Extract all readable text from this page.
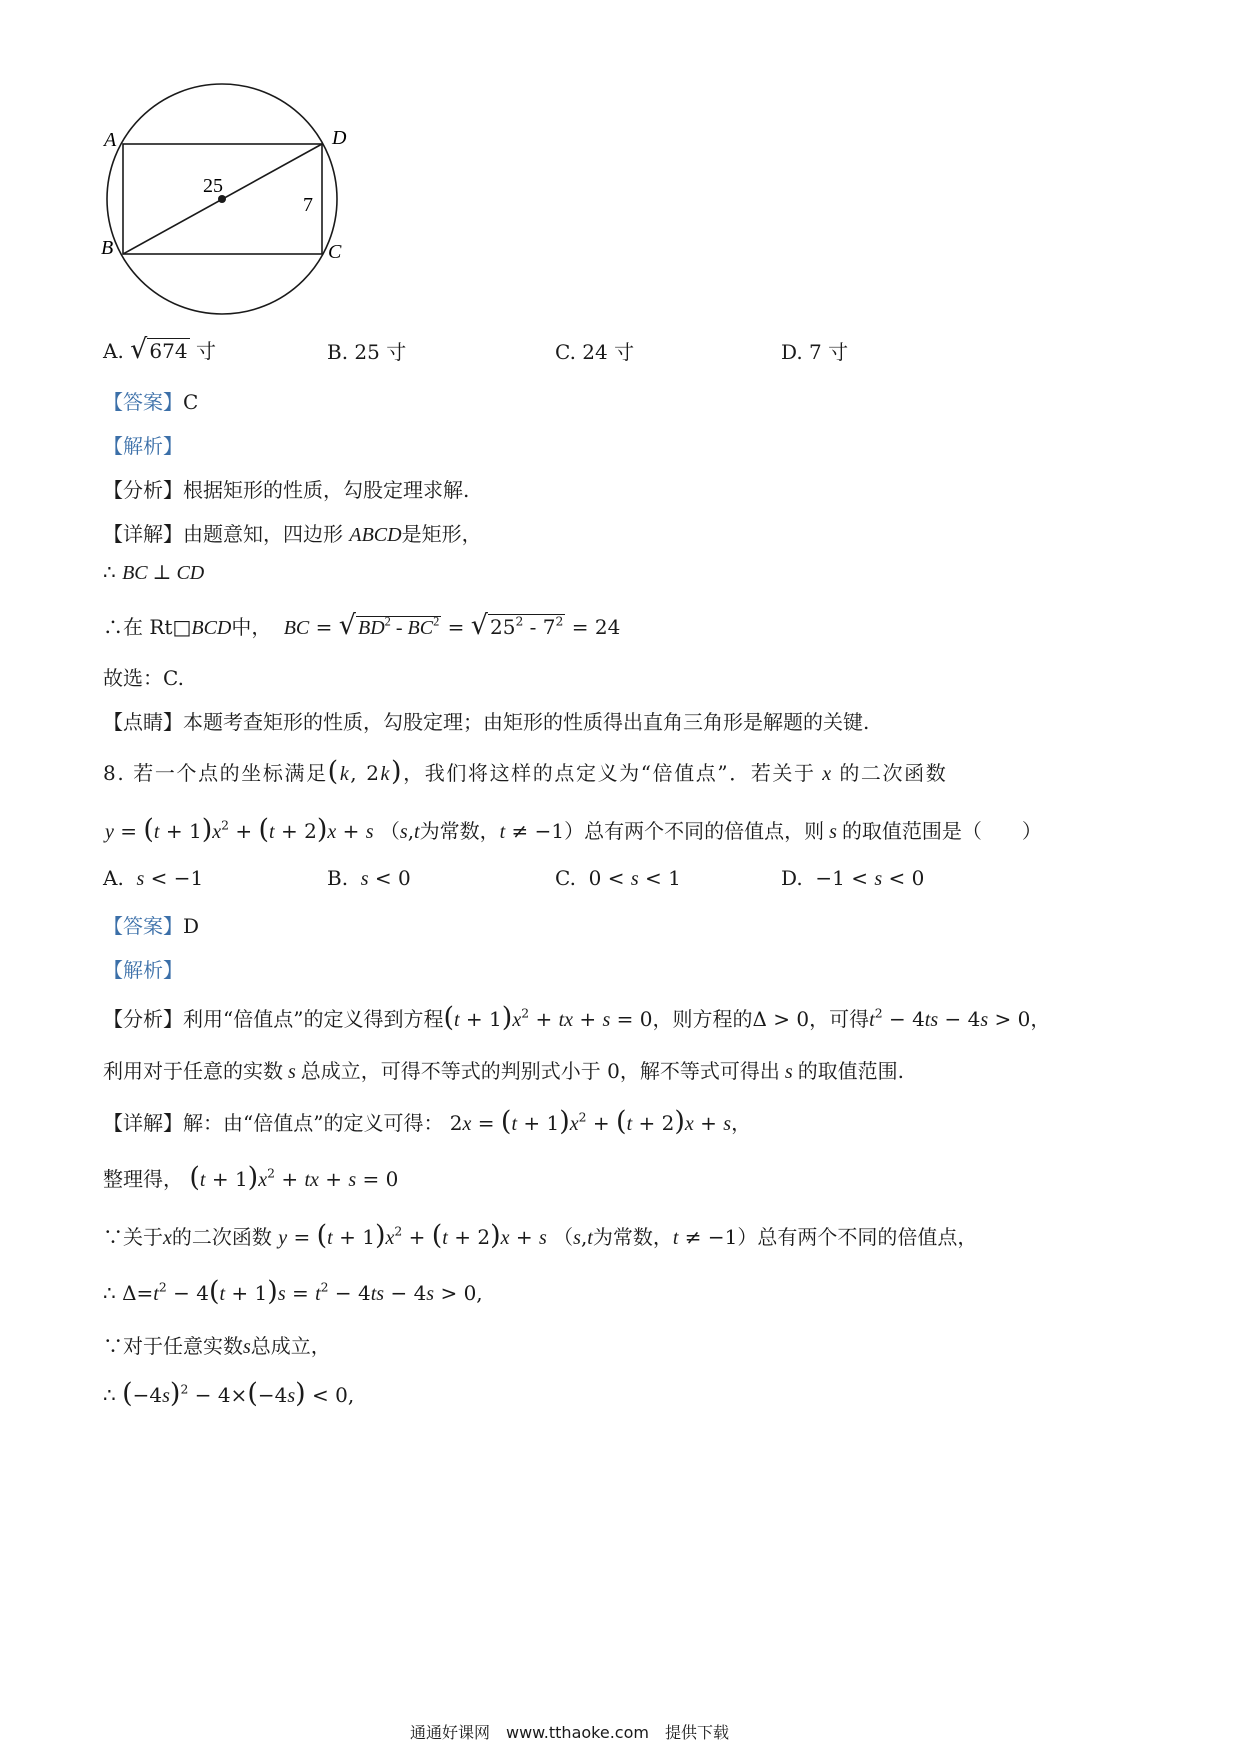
A
B	C
D
25
7
A. √ 674 寸	B. 25 寸	C. 24 寸	D. 7 寸
【答案】C
【解析】
【分析】根据矩形的性质，勾股定理求解.
【详解】由题意知，四边形 ABCD是矩形，
∴ BC ⊥ CD
∴在 Rt□BCD中， BC = √ $BD^2 - BC^2$ = √ $25^2 - 7^2 = 24$
故选：C.
【点睛】本题考查矩形的性质，勾股定理；由矩形的性质得出直角三角形是解题的关键.
8. 若一个点的坐标满足(k, 2k)，我们将这样的点定义为“倍值点”．若关于 x 的二次函数
$y = (t + 1)x^2 + (t + 2)x + s$ （s,t为常数，t ≠ −1）总有两个不同的倍值点，则 s 的取值范围是（　　）
A. s < −1	B. s < 0	C.  0 < s < 1	D.  −1 < s < 0
【答案】D
【解析】
【分析】利用“倍值点”的定义得到方程$(t + 1)x^2$ + tx + s = 0，则方程的Δ > 0，可得$t^2 - 4ts - 4s > 0$，
利用对于任意的实数 s 总成立，可得不等式的判别式小于 0，解不等式可得出 s 的取值范围.
【详解】解：由“倍值点”的定义可得： $2x = (t + 1)x^2 + (t + 2)x + s$，
整理得， $(t + 1)x^2$ + tx + s = 0
∵关于x的二次函数 $y = (t + 1)x^2 + (t + 2)x + s$ （s,t为常数，t ≠ −1）总有两个不同的倍值点，
∴ $\Delta=t^2 - 4(t + 1)s = t^2 - 4ts - 4s > 0$,
∵对于任意实数s总成立，
∴ $(-4s)^2 - 4\times(-4s) < 0$,
通通好课网　www.tthaoke.com　提供下载
